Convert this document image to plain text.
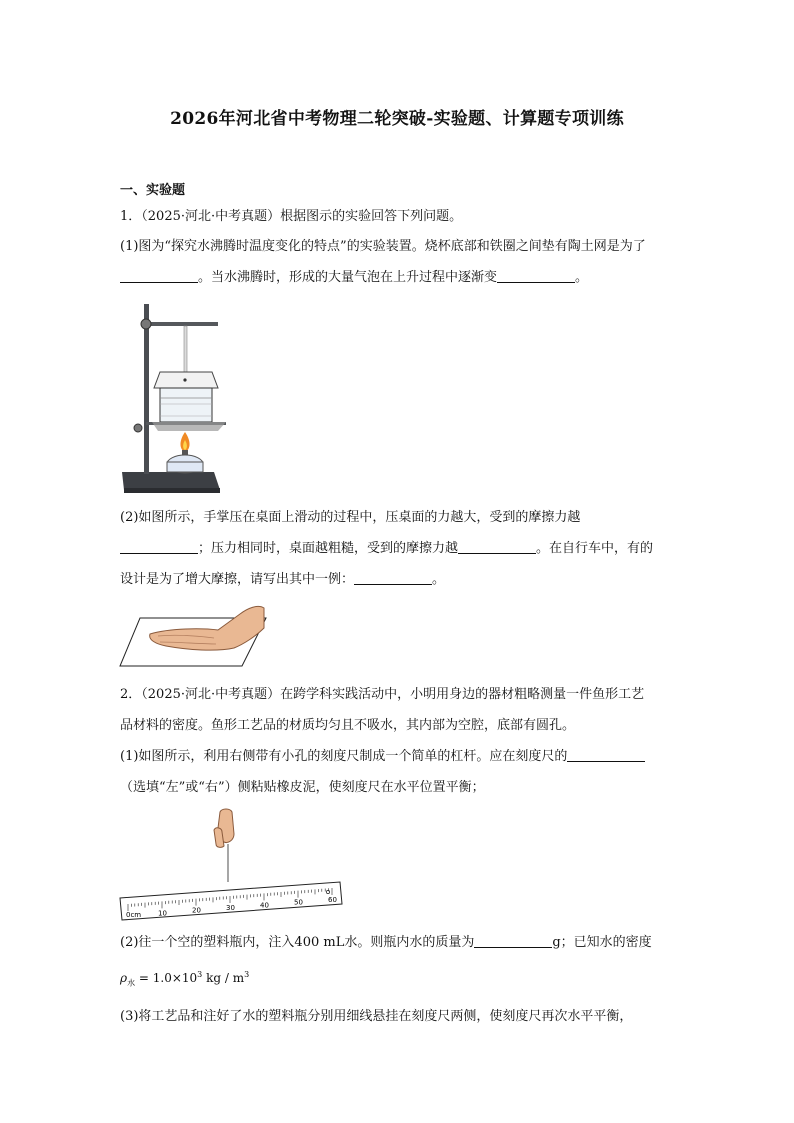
2026年河北省中考物理二轮突破-实验题、计算题专项训练
一、实验题
1．（2025·河北·中考真题）根据图示的实验回答下列问题。
(1)图为“探究水沸腾时温度变化的特点”的实验装置。烧杯底部和铁圈之间垫有陶土网是为了
。当水沸腾时，形成的大量气泡在上升过程中逐渐变	。
(2)如图所示，手掌压在桌面上滑动的过程中，压桌面的力越大，受到的摩擦力越
；压力相同时，桌面越粗糙，受到的摩擦力越	。在自行车中，有的
设计是为了增大摩擦，请写出其中一例：	。
2．（2025·河北·中考真题）在跨学科实践活动中，小明用身边的器材粗略测量一件鱼形工艺
品材料的密度。鱼形工艺品的材质均匀且不吸水，其内部为空腔，底部有圆孔。
(1)如图所示，利用右侧带有小孔的刻度尺制成一个简单的杠杆。应在刻度尺的
（选填“左”或“右”）侧粘贴橡皮泥，使刻度尺在水平位置平衡；
0cm 10	20	30	40	50	60
(2)往一个空的塑料瓶内，注入400 mL水。则瓶内水的质量为	g；已知水的密度
$\rho_水 = 1.0\times 10^3$ kg / $m^3$
(3)将工艺品和注好了水的塑料瓶分别用细线悬挂在刻度尺两侧，使刻度尺再次水平平衡，
